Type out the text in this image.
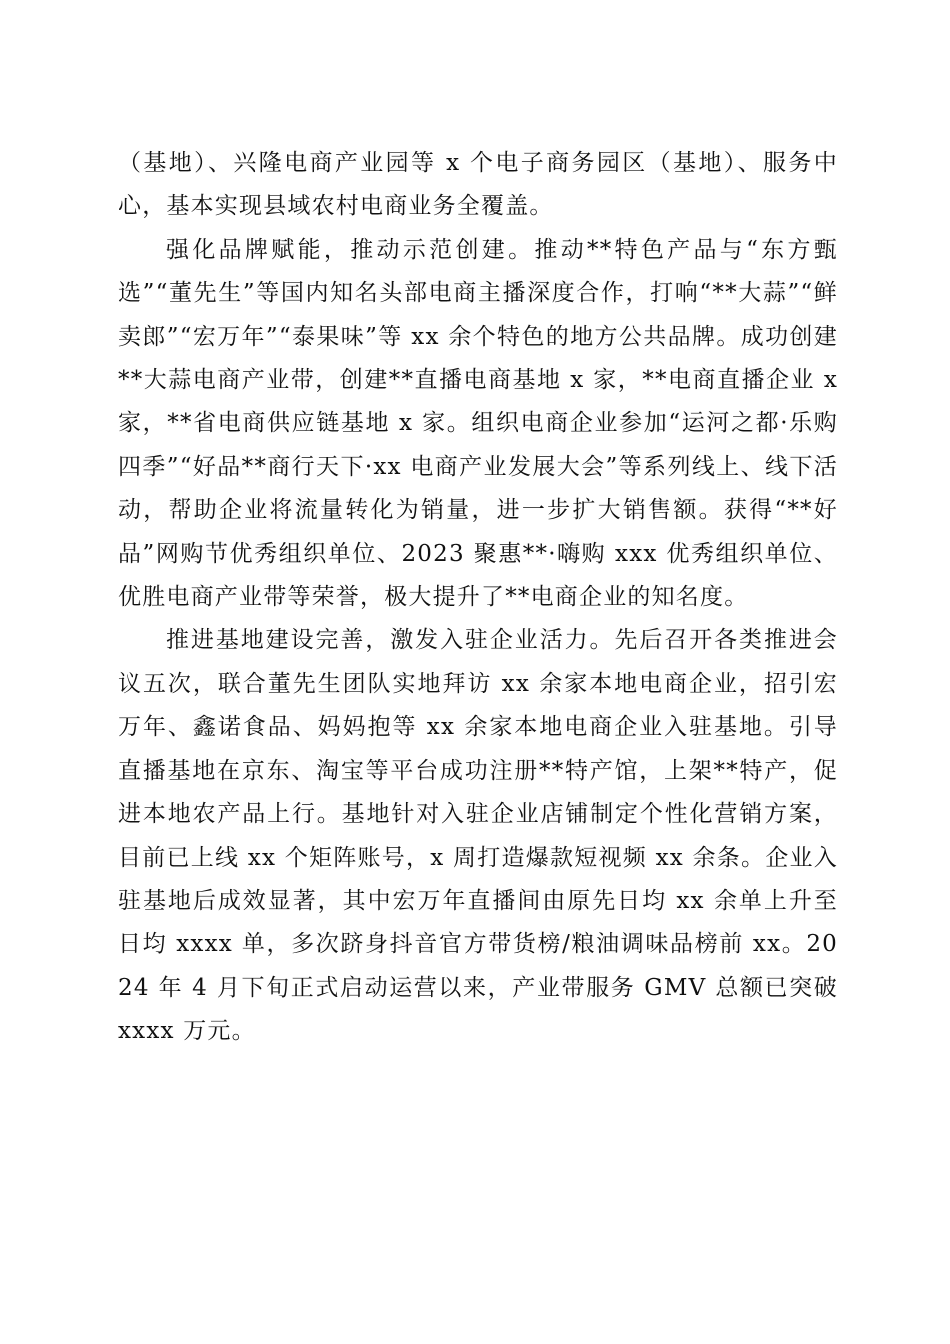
（基地）、兴隆电商产业园等 x 个电子商务园区（基地）、服务中心，基本实现县域农村电商业务全覆盖。

强化品牌赋能，推动示范创建。推动**特色产品与“东方甄选”“董先生”等国内知名头部电商主播深度合作，打响“**大蒜”“鲜卖郎”“宏万年”“泰果味”等 xx 余个特色的地方公共品牌。成功创建**大蒜电商产业带，创建**直播电商基地 x 家，**电商直播企业 x 家，**省电商供应链基地 x 家。组织电商企业参加“运河之都·乐购四季”“好品**商行天下·xx 电商产业发展大会”等系列线上、线下活动，帮助企业将流量转化为销量，进一步扩大销售额。获得“**好品”网购节优秀组织单位、2023 聚惠**·嗨购 xxx 优秀组织单位、优胜电商产业带等荣誉，极大提升了**电商企业的知名度。

推进基地建设完善，激发入驻企业活力。先后召开各类推进会议五次，联合董先生团队实地拜访 xx 余家本地电商企业，招引宏万年、鑫诺食品、妈妈抱等 xx 余家本地电商企业入驻基地。引导直播基地在京东、淘宝等平台成功注册**特产馆，上架**特产，促进本地农产品上行。基地针对入驻企业店铺制定个性化营销方案，目前已上线 xx 个矩阵账号，x 周打造爆款短视频 xx 余条。企业入驻基地后成效显著，其中宏万年直播间由原先日均 xx 余单上升至日均 xxxx 单，多次跻身抖音官方带货榜/粮油调味品榜前 xx。2024 年 4 月下旬正式启动运营以来，产业带服务 GMV 总额已突破 xxxx 万元。
